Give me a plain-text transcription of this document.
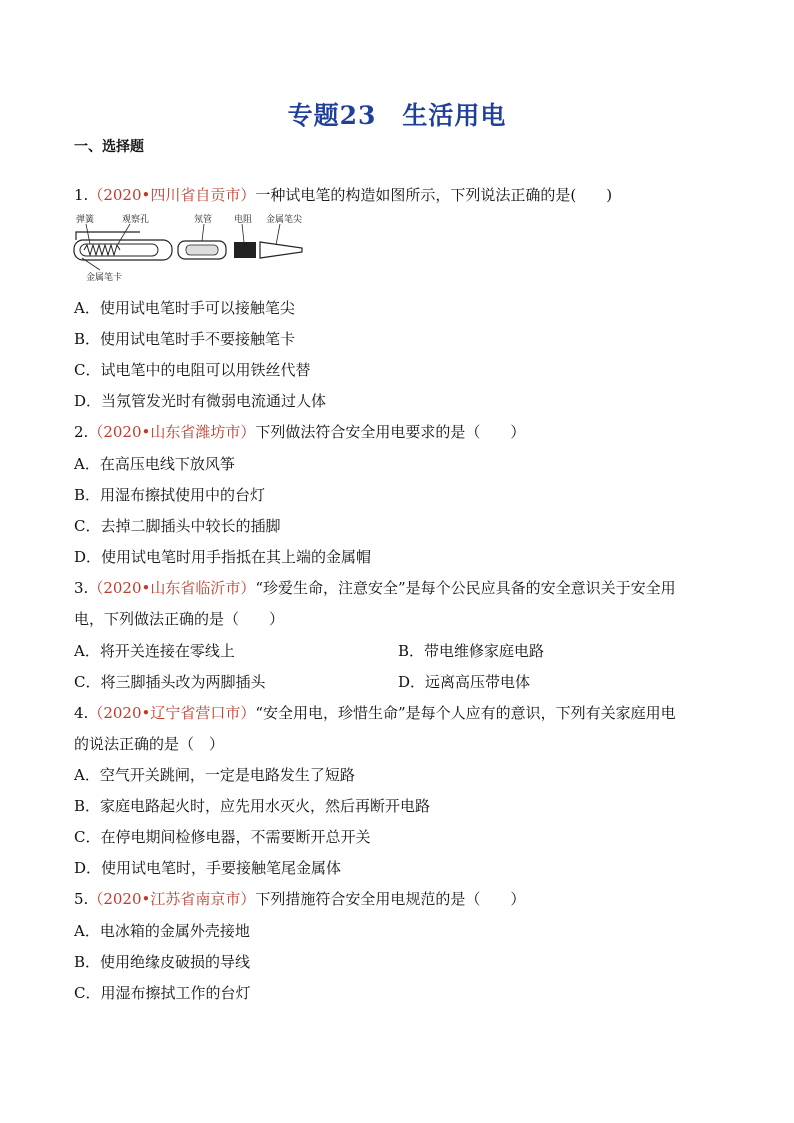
专题23　生活用电
一、选择题
1.（2020•四川省自贡市）一种试电笔的构造如图所示，下列说法正确的是(　　)
弹簧	观察孔	氖管 电阻 金属笔尖
金属笔卡
A．使用试电笔时手可以接触笔尖
B．使用试电笔时手不要接触笔卡
C．试电笔中的电阻可以用铁丝代替
D．当氖管发光时有微弱电流通过人体
2.（2020•山东省潍坊市）下列做法符合安全用电要求的是（　　）
A．在高压电线下放风筝
B．用湿布擦拭使用中的台灯
C．去掉二脚插头中较长的插脚
D．使用试电笔时用手指抵在其上端的金属帽
3.（2020•山东省临沂市）“珍爱生命，注意安全”是每个公民应具备的安全意识关于安全用
电，下列做法正确的是（　　）
A．将开关连接在零线上	B．带电维修家庭电路
C．将三脚插头改为两脚插头	D．远离高压带电体
4.（2020•辽宁省营口市）“安全用电，珍惜生命”是每个人应有的意识，下列有关家庭用电
的说法正确的是（　）
A．空气开关跳闸，一定是电路发生了短路
B．家庭电路起火时，应先用水灭火，然后再断开电路
C．在停电期间检修电器，不需要断开总开关
D．使用试电笔时，手要接触笔尾金属体
5.（2020•江苏省南京市）下列措施符合安全用电规范的是（　　）
A．电冰箱的金属外壳接地
B．使用绝缘皮破损的导线
C．用湿布擦拭工作的台灯
